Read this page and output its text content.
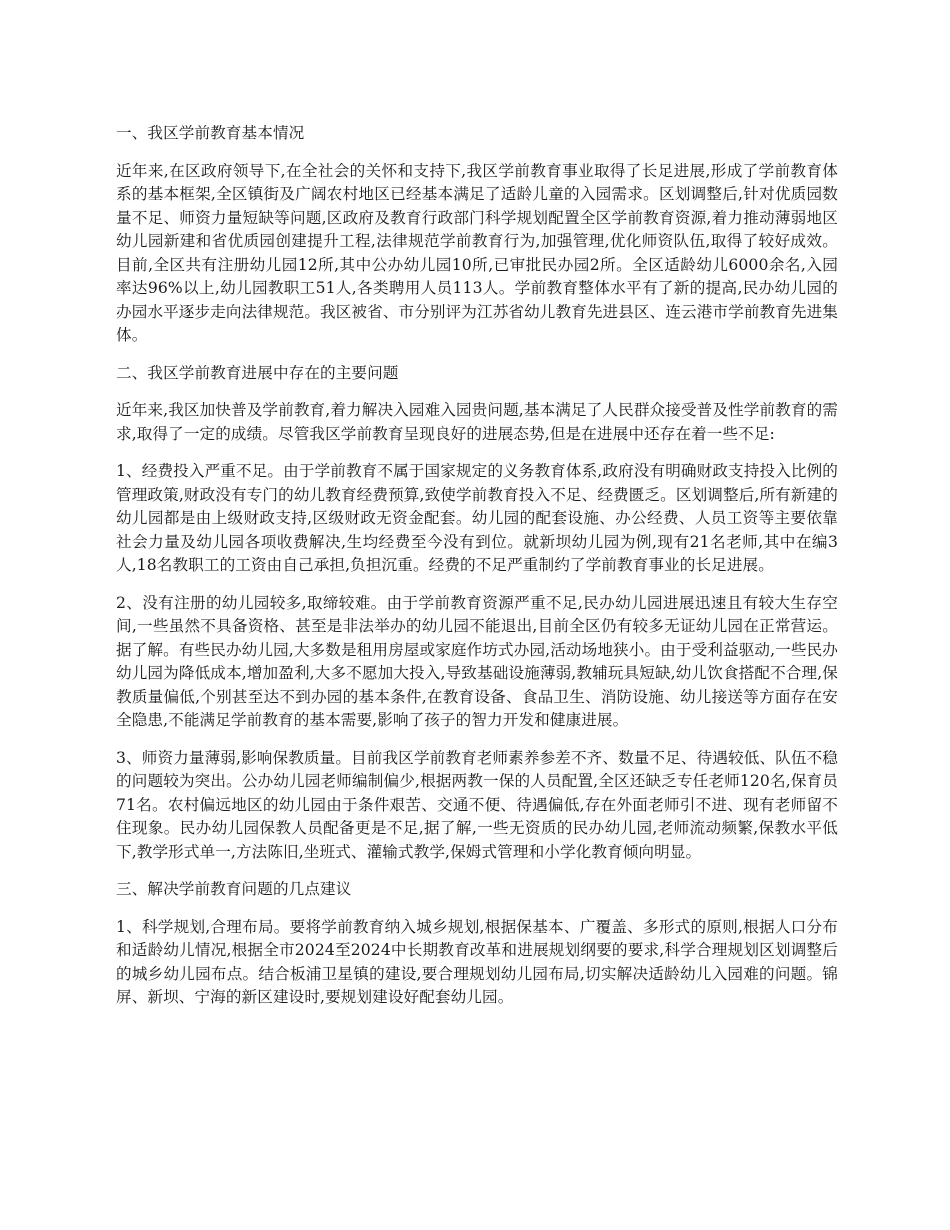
一、我区学前教育基本情况

近年来,在区政府领导下,在全社会的关怀和支持下,我区学前教育事业取得了长足进展,形成了学前教育体系的基本框架,全区镇街及广阔农村地区已经基本满足了适龄儿童的入园需求。区划调整后,针对优质园数量不足、师资力量短缺等问题,区政府及教育行政部门科学规划配置全区学前教育资源,着力推动薄弱地区幼儿园新建和省优质园创建提升工程,法律规范学前教育行为,加强管理,优化师资队伍,取得了较好成效。目前,全区共有注册幼儿园12所,其中公办幼儿园10所,已审批民办园2所。全区适龄幼儿6000余名,入园率达96%以上,幼儿园教职工51人,各类聘用人员113人。学前教育整体水平有了新的提高,民办幼儿园的办园水平逐步走向法律规范。我区被省、市分别评为江苏省幼儿教育先进县区、连云港市学前教育先进集体。

二、我区学前教育进展中存在的主要问题

近年来,我区加快普及学前教育,着力解决入园难入园贵问题,基本满足了人民群众接受普及性学前教育的需求,取得了一定的成绩。尽管我区学前教育呈现良好的进展态势,但是在进展中还存在着一些不足:

1、经费投入严重不足。由于学前教育不属于国家规定的义务教育体系,政府没有明确财政支持投入比例的管理政策,财政没有专门的幼儿教育经费预算,致使学前教育投入不足、经费匮乏。区划调整后,所有新建的幼儿园都是由上级财政支持,区级财政无资金配套。幼儿园的配套设施、办公经费、人员工资等主要依靠社会力量及幼儿园各项收费解决,生均经费至今没有到位。就新坝幼儿园为例,现有21名老师,其中在编3人,18名教职工的工资由自己承担,负担沉重。经费的不足严重制约了学前教育事业的长足进展。

2、没有注册的幼儿园较多,取缔较难。由于学前教育资源严重不足,民办幼儿园进展迅速且有较大生存空间,一些虽然不具备资格、甚至是非法举办的幼儿园不能退出,目前全区仍有较多无证幼儿园在正常营运。据了解。有些民办幼儿园,大多数是租用房屋或家庭作坊式办园,活动场地狭小。由于受利益驱动,一些民办幼儿园为降低成本,增加盈利,大多不愿加大投入,导致基础设施薄弱,教辅玩具短缺,幼儿饮食搭配不合理,保教质量偏低,个别甚至达不到办园的基本条件,在教育设备、食品卫生、消防设施、幼儿接送等方面存在安全隐患,不能满足学前教育的基本需要,影响了孩子的智力开发和健康进展。

3、师资力量薄弱,影响保教质量。目前我区学前教育老师素养参差不齐、数量不足、待遇较低、队伍不稳的问题较为突出。公办幼儿园老师编制偏少,根据两教一保的人员配置,全区还缺乏专任老师120名,保育员71名。农村偏远地区的幼儿园由于条件艰苦、交通不便、待遇偏低,存在外面老师引不进、现有老师留不住现象。民办幼儿园保教人员配备更是不足,据了解,一些无资质的民办幼儿园,老师流动频繁,保教水平低下,教学形式单一,方法陈旧,坐班式、灌输式教学,保姆式管理和小学化教育倾向明显。

三、解决学前教育问题的几点建议

1、科学规划,合理布局。要将学前教育纳入城乡规划,根据保基本、广覆盖、多形式的原则,根据人口分布和适龄幼儿情况,根据全市2024至2024中长期教育改革和进展规划纲要的要求,科学合理规划区划调整后的城乡幼儿园布点。结合板浦卫星镇的建设,要合理规划幼儿园布局,切实解决适龄幼儿入园难的问题。锦屏、新坝、宁海的新区建设时,要规划建设好配套幼儿园。
